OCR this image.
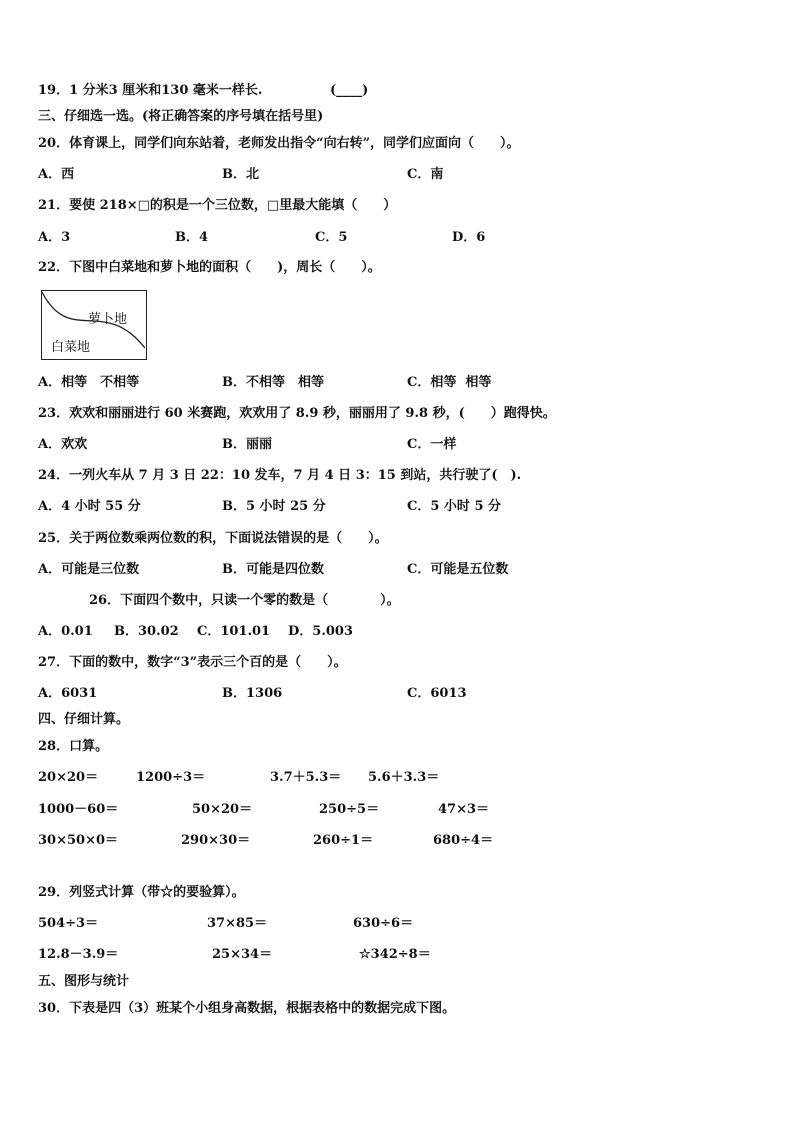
19．1 分米3 厘米和130 毫米一样长.	(____)
三、仔细选一选。(将正确答案的序号填在括号里)
20．体育课上，同学们向东站着，老师发出指令“向右转”，同学们应面向（　　）。
A．西	B．北	C．南
21．要使 218×□的积是一个三位数，□里最大能填（　　）
A．3	B．4	C．5	D．6
22．下图中白菜地和萝卜地的面积（　　)，周长（　　）。
萝卜地
白菜地
A．相等　不相等	B．不相等　相等	C．相等  相等
23．欢欢和丽丽进行 60 米赛跑，欢欢用了 8.9 秒，丽丽用了 9.8 秒，(　　）跑得快。
A．欢欢	B．丽丽	C．一样
24．一列火车从 7 月 3 日 22：10 发车，7 月 4 日 3：15 到站，共行驶了(　).
A．4 小时 55 分	B．5 小时 25 分	C．5 小时 5 分
25．关于两位数乘两位数的积，下面说法错误的是（　　）。
A．可能是三位数	B．可能是四位数	C．可能是五位数
26．下面四个数中，只读一个零的数是（　　　　）。
A．0.01 B．30.02 C．101.01 D．5.003
27．下面的数中，数字“3”表示三个百的是（　　）。
A．6031	B．1306	C．6013
四、仔细计算。
28．口算。
20×20＝	1200÷3＝	3.7＋5.3＝ 5.6＋3.3＝
1000－60＝	50×20＝	250÷5＝	47×3＝
30×50×0＝	290×30＝	260÷1＝	680÷4＝
29．列竖式计算（带☆的要验算）。
504÷3＝	37×85＝	630÷6＝
12.8－3.9＝	25×34＝	☆342÷8＝
五、图形与统计
30．下表是四（3）班某个小组身高数据，根据表格中的数据完成下图。
